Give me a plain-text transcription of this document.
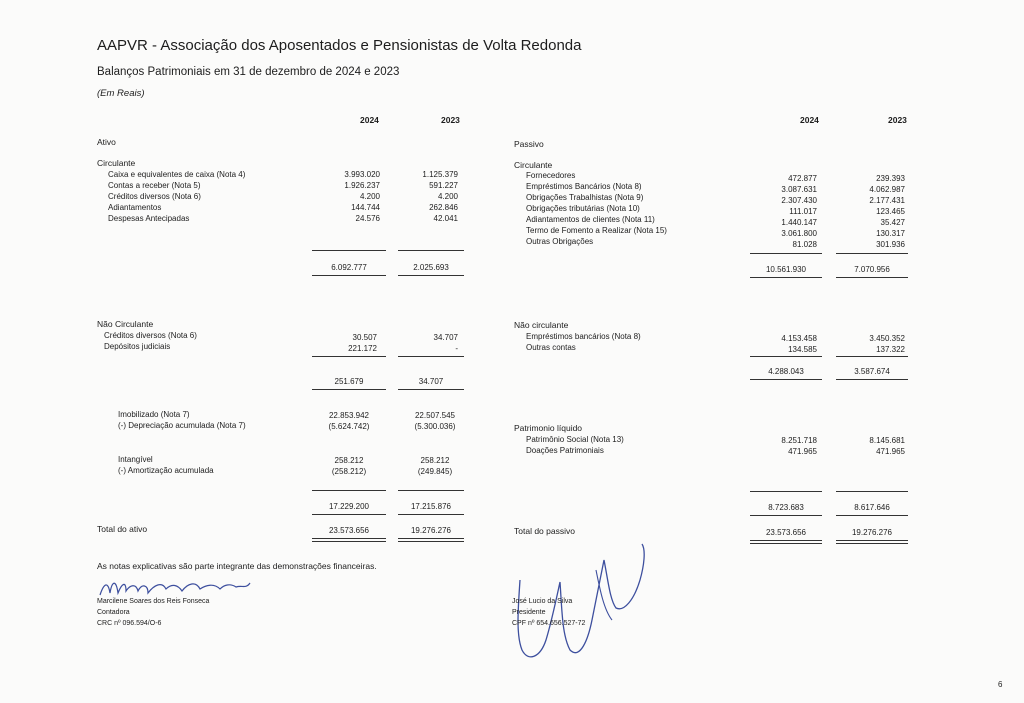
AAPVR - Associação dos Aposentados e Pensionistas de Volta Redonda
Balanços Patrimoniais em 31 de dezembro de 2024 e 2023
(Em Reais)
2024	2023	2024	2023
Ativo
Circulante
Caixa e equivalentes de caixa (Nota 4)	3.993.020	1.125.379
Contas a receber (Nota 5)	1.926.237	591.227
Créditos diversos (Nota 6)	4.200	4.200
Adiantamentos	144.744	262.846
Despesas Antecipadas	24.576	42.041
6.092.777	2.025.693
Não Circulante
Créditos diversos (Nota 6)	30.507	34.707
Depósitos judiciais	221.172	-
251.679	34.707
Imobilizado (Nota 7)	22.853.942	22.507.545
(-) Depreciação acumulada (Nota 7)	(5.624.742)	(5.300.036)
Intangível	258.212	258.212
(-) Amortização acumulada	(258.212)	(249.845)
17.229.200	17.215.876
Total do ativo	23.573.656	19.276.276
Passivo
Circulante
Fornecedores	472.877	239.393
Empréstimos Bancários (Nota 8)	3.087.631	4.062.987
Obrigações Trabalhistas (Nota 9)	2.307.430	2.177.431
Obrigações tributárias (Nota 10)	111.017	123.465
Adiantamentos de clientes (Nota 11)	1.440.147	35.427
Termo de Fomento a Realizar (Nota 15)	3.061.800	130.317
Outras Obrigações	81.028	301.936
10.561.930	7.070.956
Não circulante
Empréstimos bancários (Nota 8)	4.153.458	3.450.352
Outras contas	134.585	137.322
4.288.043	3.587.674
Patrimonio líquido
Patrimônio Social (Nota 13)	8.251.718	8.145.681
Doações Patrimoniais	471.965	471.965
8.723.683	8.617.646
Total do passivo	23.573.656	19.276.276
As notas explicativas são parte integrante das demonstrações financeiras.
Marcilene Soares dos Reis Fonseca
Contadora
CRC nº 096.594/O-6
José Lucio da Silva
Presidente
CPF nº 654.656.527-72
6
